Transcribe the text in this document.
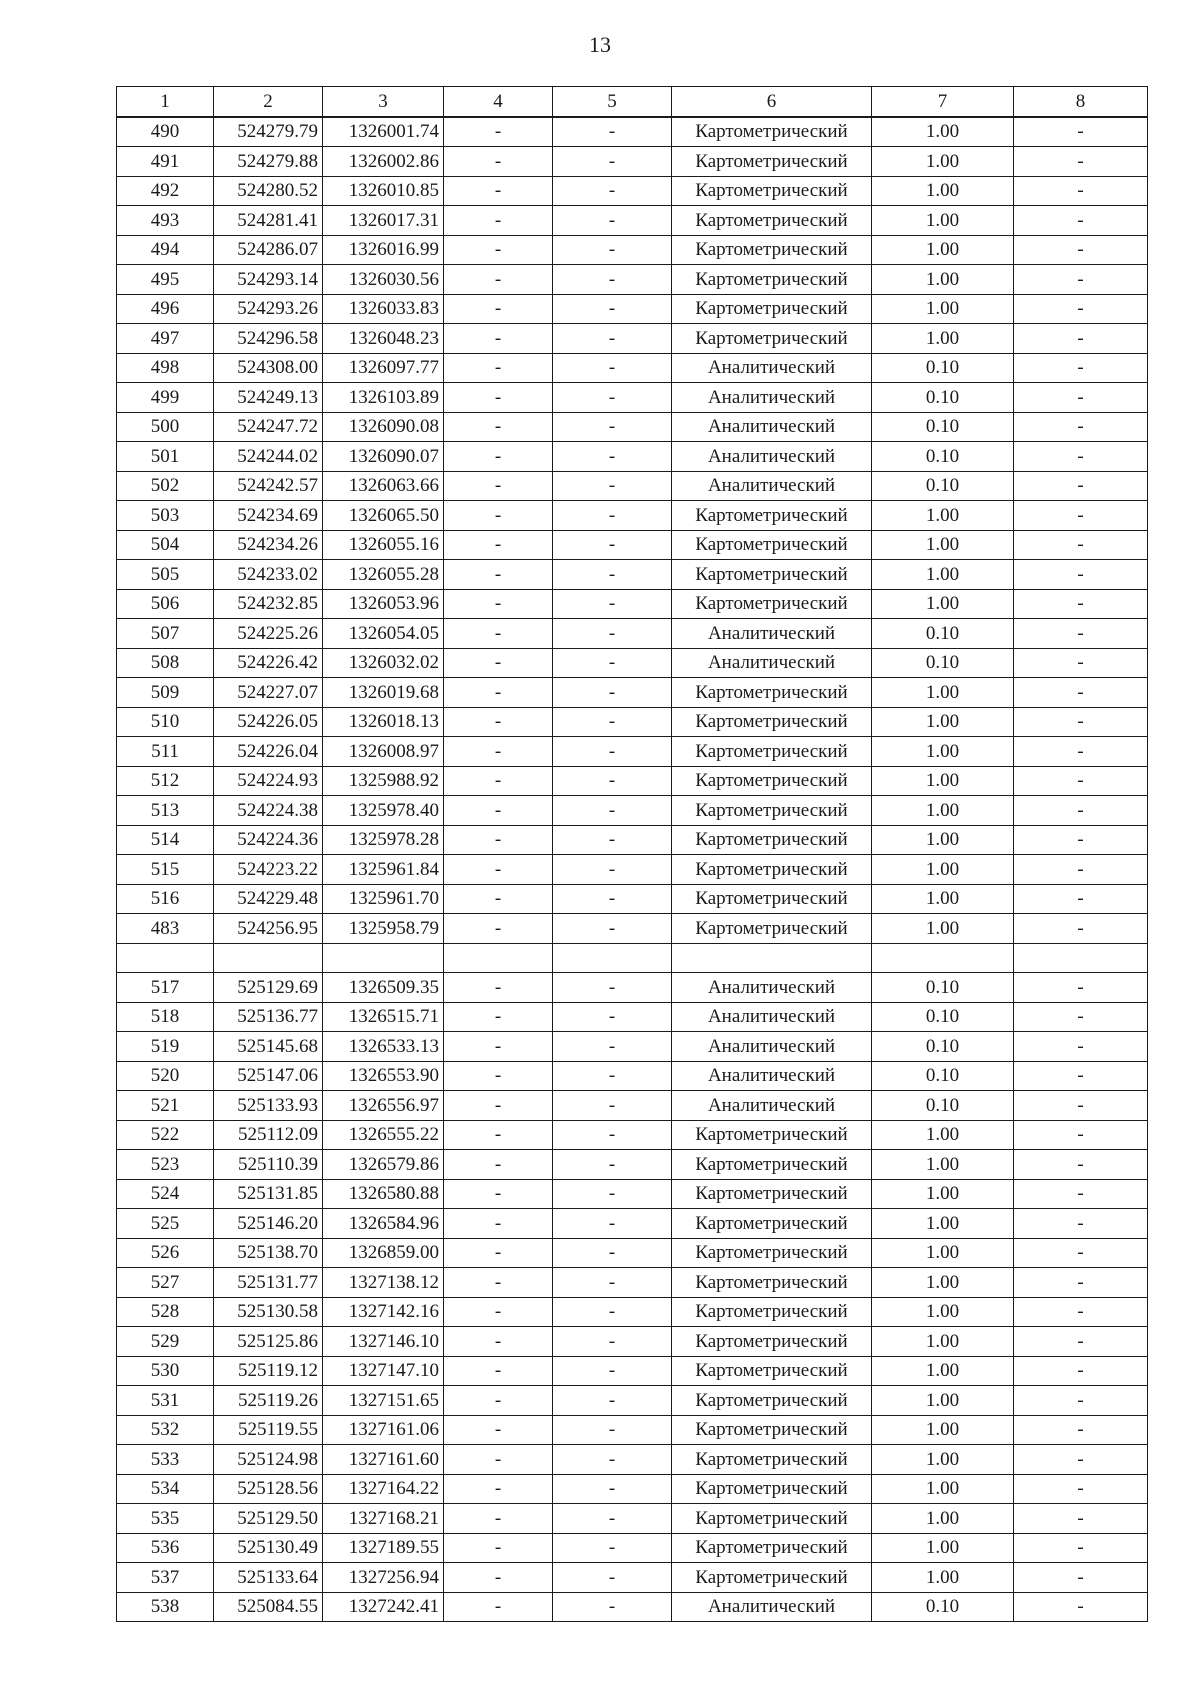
13
1	2	3	4	5	6	7	8
490	524279.79	1326001.74	-	-	Картометрический	1.00	-
491	524279.88	1326002.86	-	-	Картометрический	1.00	-
492	524280.52	1326010.85	-	-	Картометрический	1.00	-
493	524281.41	1326017.31	-	-	Картометрический	1.00	-
494	524286.07	1326016.99	-	-	Картометрический	1.00	-
495	524293.14	1326030.56	-	-	Картометрический	1.00	-
496	524293.26	1326033.83	-	-	Картометрический	1.00	-
497	524296.58	1326048.23	-	-	Картометрический	1.00	-
498	524308.00	1326097.77	-	-	Аналитический	0.10	-
499	524249.13	1326103.89	-	-	Аналитический	0.10	-
500	524247.72	1326090.08	-	-	Аналитический	0.10	-
501	524244.02	1326090.07	-	-	Аналитический	0.10	-
502	524242.57	1326063.66	-	-	Аналитический	0.10	-
503	524234.69	1326065.50	-	-	Картометрический	1.00	-
504	524234.26	1326055.16	-	-	Картометрический	1.00	-
505	524233.02	1326055.28	-	-	Картометрический	1.00	-
506	524232.85	1326053.96	-	-	Картометрический	1.00	-
507	524225.26	1326054.05	-	-	Аналитический	0.10	-
508	524226.42	1326032.02	-	-	Аналитический	0.10	-
509	524227.07	1326019.68	-	-	Картометрический	1.00	-
510	524226.05	1326018.13	-	-	Картометрический	1.00	-
511	524226.04	1326008.97	-	-	Картометрический	1.00	-
512	524224.93	1325988.92	-	-	Картометрический	1.00	-
513	524224.38	1325978.40	-	-	Картометрический	1.00	-
514	524224.36	1325978.28	-	-	Картометрический	1.00	-
515	524223.22	1325961.84	-	-	Картометрический	1.00	-
516	524229.48	1325961.70	-	-	Картометрический	1.00	-
483	524256.95	1325958.79	-	-	Картометрический	1.00	-

517	525129.69	1326509.35	-	-	Аналитический	0.10	-
518	525136.77	1326515.71	-	-	Аналитический	0.10	-
519	525145.68	1326533.13	-	-	Аналитический	0.10	-
520	525147.06	1326553.90	-	-	Аналитический	0.10	-
521	525133.93	1326556.97	-	-	Аналитический	0.10	-
522	525112.09	1326555.22	-	-	Картометрический	1.00	-
523	525110.39	1326579.86	-	-	Картометрический	1.00	-
524	525131.85	1326580.88	-	-	Картометрический	1.00	-
525	525146.20	1326584.96	-	-	Картометрический	1.00	-
526	525138.70	1326859.00	-	-	Картометрический	1.00	-
527	525131.77	1327138.12	-	-	Картометрический	1.00	-
528	525130.58	1327142.16	-	-	Картометрический	1.00	-
529	525125.86	1327146.10	-	-	Картометрический	1.00	-
530	525119.12	1327147.10	-	-	Картометрический	1.00	-
531	525119.26	1327151.65	-	-	Картометрический	1.00	-
532	525119.55	1327161.06	-	-	Картометрический	1.00	-
533	525124.98	1327161.60	-	-	Картометрический	1.00	-
534	525128.56	1327164.22	-	-	Картометрический	1.00	-
535	525129.50	1327168.21	-	-	Картометрический	1.00	-
536	525130.49	1327189.55	-	-	Картометрический	1.00	-
537	525133.64	1327256.94	-	-	Картометрический	1.00	-
538	525084.55	1327242.41	-	-	Аналитический	0.10	-
